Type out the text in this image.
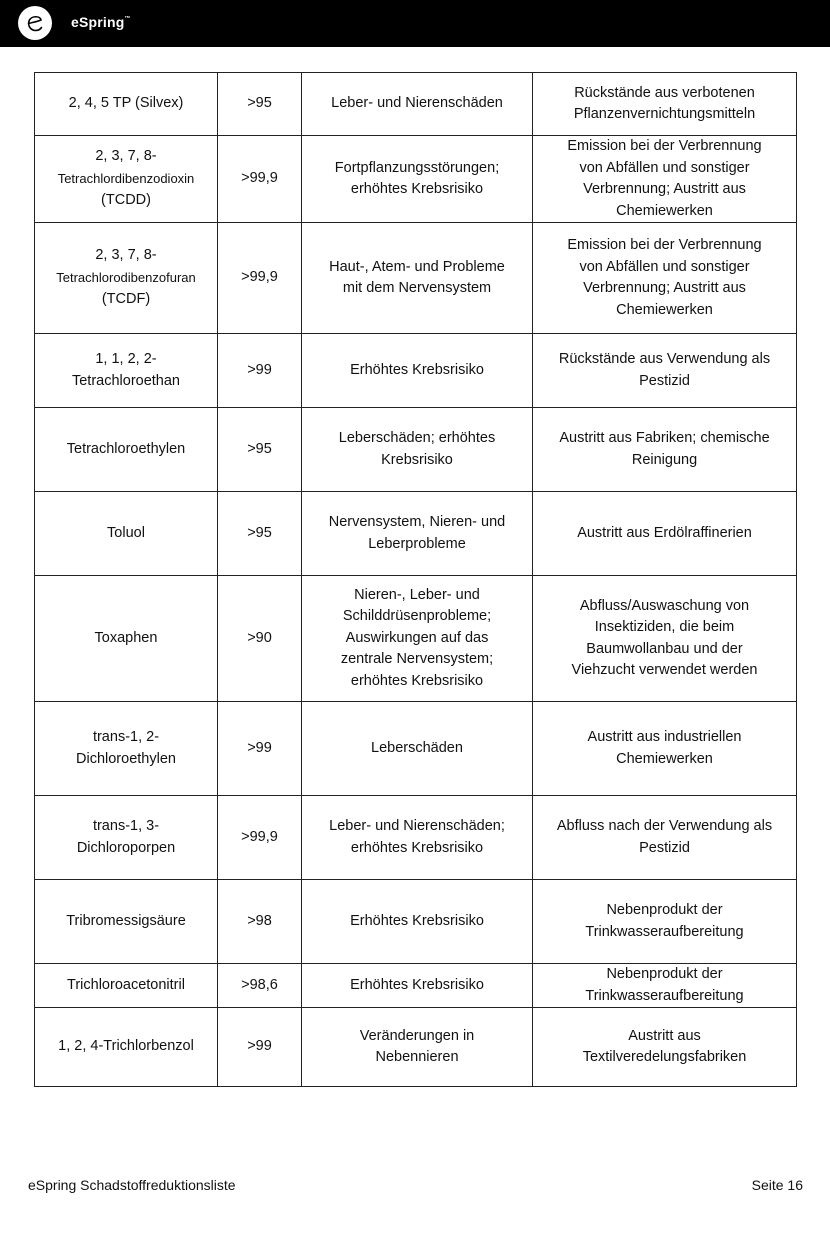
eSpring™
2, 4, 5 TP (Silvex)	>95	Leber- und Nierenschäden	Rückstände aus verbotenen
Pflanzenvernichtungsmitteln
2, 3, 7, 8-
Tetrachlordibenzodioxin
(TCDD)	>99,9	Fortpflanzungsstörungen;
erhöhtes Krebsrisiko	Emission bei der Verbrennung
von Abfällen und sonstiger
Verbrennung; Austritt aus
Chemiewerken
2, 3, 7, 8-
Tetrachlorodibenzofuran
(TCDF)	>99,9	Haut-, Atem- und Probleme
mit dem Nervensystem	Emission bei der Verbrennung
von Abfällen und sonstiger
Verbrennung; Austritt aus
Chemiewerken
1, 1, 2, 2-
Tetrachloroethan	>99	Erhöhtes Krebsrisiko	Rückstände aus Verwendung als
Pestizid
Tetrachloroethylen	>95	Leberschäden; erhöhtes
Krebsrisiko	Austritt aus Fabriken; chemische
Reinigung
Toluol	>95	Nervensystem, Nieren- und
Leberprobleme	Austritt aus Erdölraffinerien
Toxaphen	>90	Nieren-, Leber- und
Schilddrüsenprobleme;
Auswirkungen auf das
zentrale Nervensystem;
erhöhtes Krebsrisiko	Abfluss/Auswaschung von
Insektiziden, die beim
Baumwollanbau und der
Viehzucht verwendet werden
trans-1, 2-
Dichloroethylen	>99	Leberschäden	Austritt aus industriellen
Chemiewerken
trans-1, 3-
Dichloroporpen	>99,9	Leber- und Nierenschäden;
erhöhtes Krebsrisiko	Abfluss nach der Verwendung als
Pestizid
Tribromessigsäure	>98	Erhöhtes Krebsrisiko	Nebenprodukt der
Trinkwasseraufbereitung
Trichloroacetonitril	>98,6	Erhöhtes Krebsrisiko	Nebenprodukt der
Trinkwasseraufbereitung
1, 2, 4-Trichlorbenzol	>99	Veränderungen in
Nebennieren	Austritt aus
Textilveredelungsfabriken
eSpring Schadstoffreduktionsliste	Seite 16
